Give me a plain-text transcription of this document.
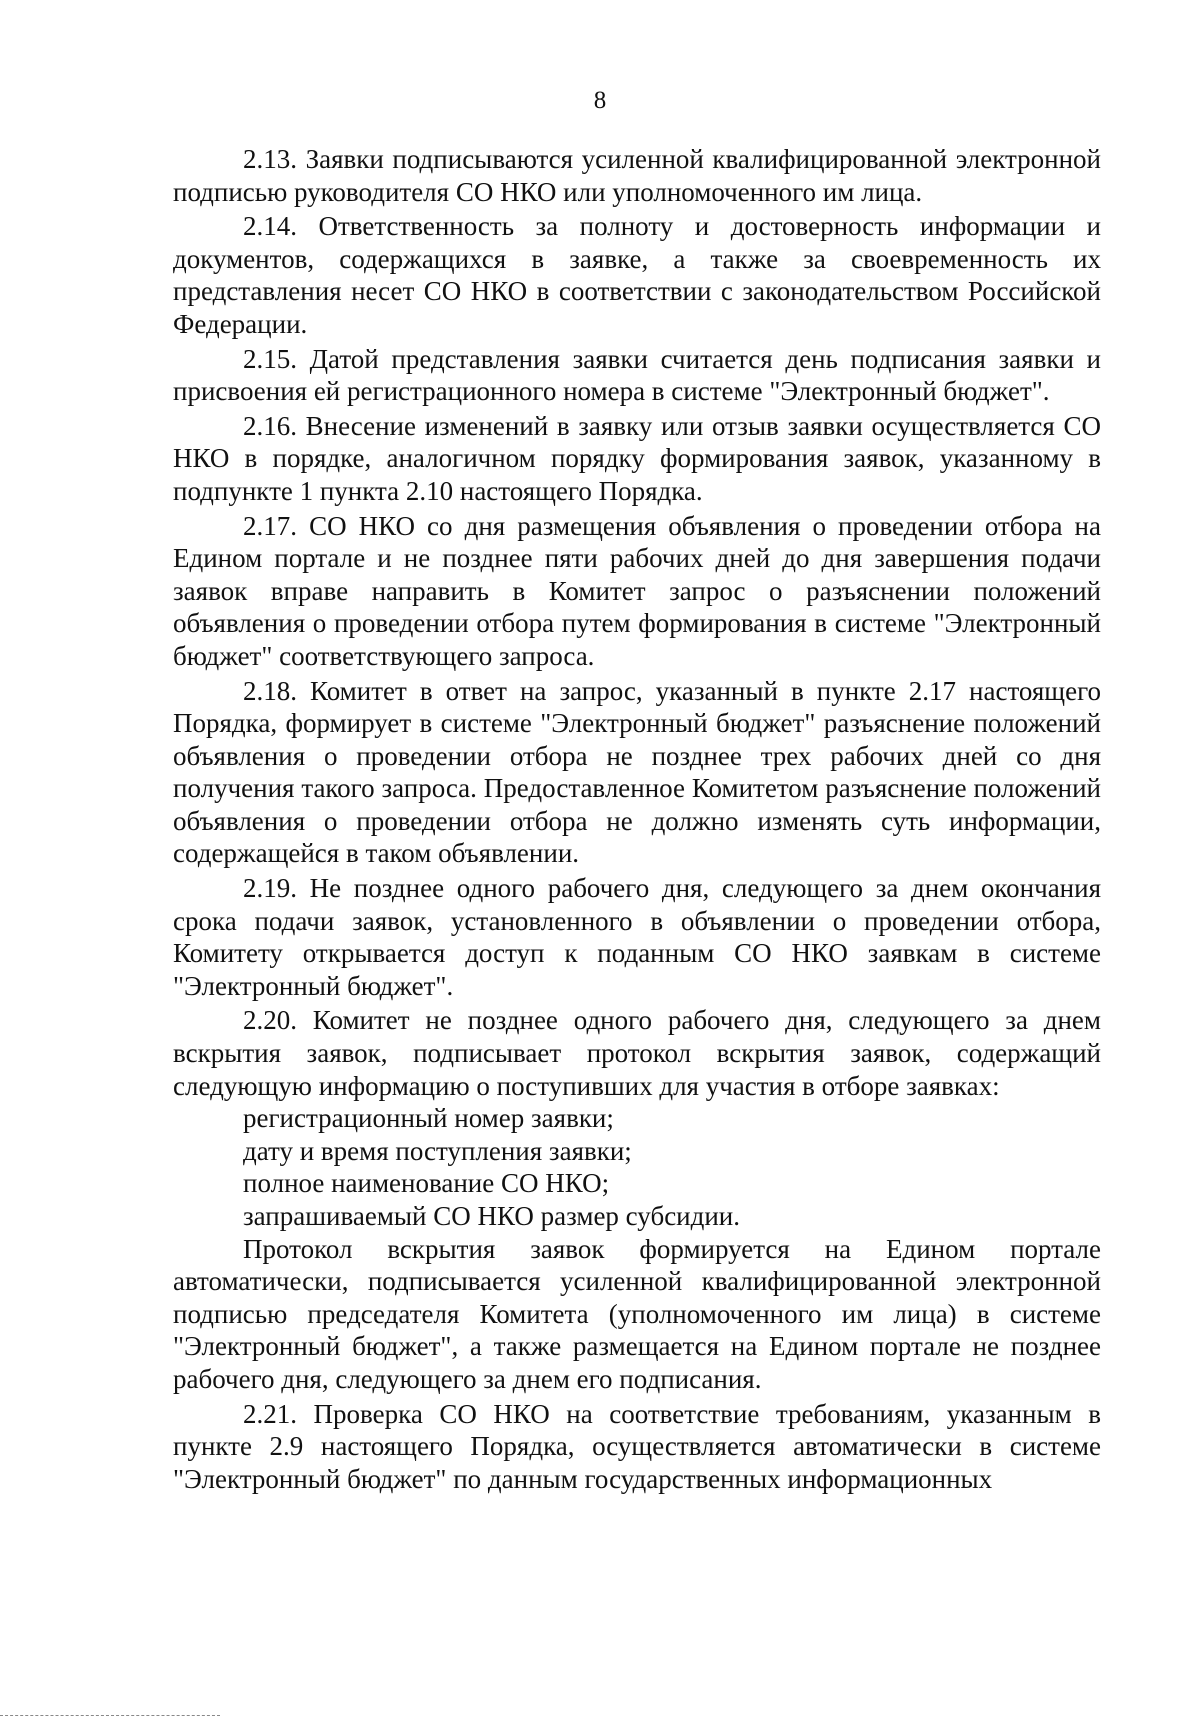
8

2.13. Заявки подписываются усиленной квалифицированной электронной подписью руководителя СО НКО или уполномоченного им лица.

2.14. Ответственность за полноту и достоверность информации и документов, содержащихся в заявке, а также за своевременность их представления несет СО НКО в соответствии с законодательством Российской Федерации.

2.15. Датой представления заявки считается день подписания заявки и присвоения ей регистрационного номера в системе "Электронный бюджет".

2.16. Внесение изменений в заявку или отзыв заявки осуществляется СО НКО в порядке, аналогичном порядку формирования заявок, указанному в подпункте 1 пункта 2.10 настоящего Порядка.

2.17. СО НКО со дня размещения объявления о проведении отбора на Едином портале и не позднее пяти рабочих дней до дня завершения подачи заявок вправе направить в Комитет запрос о разъяснении положений объявления о проведении отбора путем формирования в системе "Электронный бюджет" соответствующего запроса.

2.18. Комитет в ответ на запрос, указанный в пункте 2.17 настоящего Порядка, формирует в системе "Электронный бюджет" разъяснение положений объявления о проведении отбора не позднее трех рабочих дней со дня получения такого запроса. Предоставленное Комитетом разъяснение положений объявления о проведении отбора не должно изменять суть информации, содержащейся в таком объявлении.

2.19. Не позднее одного рабочего дня, следующего за днем окончания срока подачи заявок, установленного в объявлении о проведении отбора, Комитету открывается доступ к поданным СО НКО заявкам в системе "Электронный бюджет".

2.20. Комитет не позднее одного рабочего дня, следующего за днем вскрытия заявок, подписывает протокол вскрытия заявок, содержащий следующую информацию о поступивших для участия в отборе заявках:

регистрационный номер заявки;

дату и время поступления заявки;

полное наименование СО НКО;

запрашиваемый СО НКО размер субсидии.

Протокол вскрытия заявок формируется на Едином портале автоматически, подписывается усиленной квалифицированной электронной подписью председателя Комитета (уполномоченного им лица) в системе "Электронный бюджет", а также размещается на Едином портале не позднее рабочего дня, следующего за днем его подписания.

2.21. Проверка СО НКО на соответствие требованиям, указанным в пункте 2.9 настоящего Порядка, осуществляется автоматически в системе "Электронный бюджет" по данным государственных информационных
